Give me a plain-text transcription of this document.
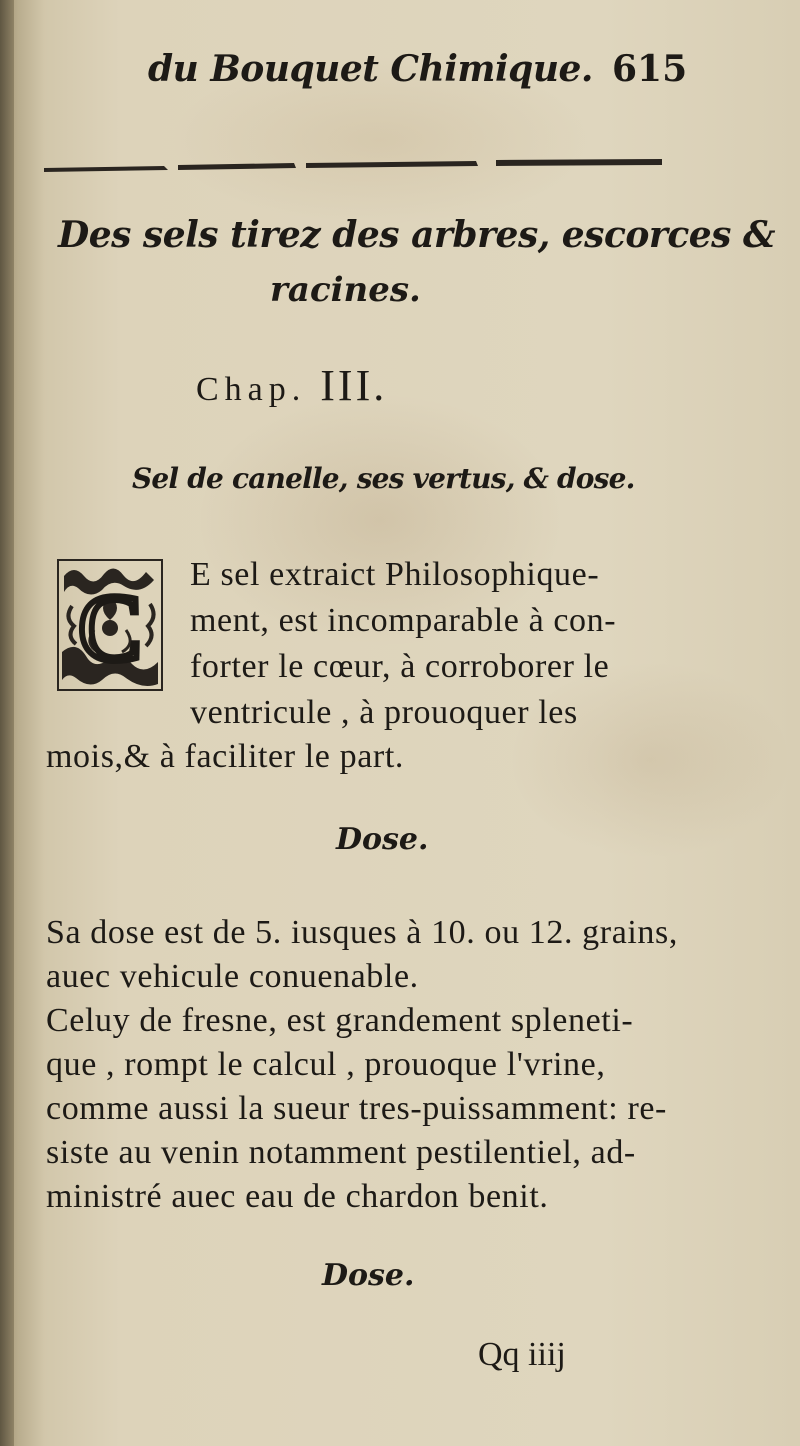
du Bouquet Chimique. 615

Des sels tirez des arbres, escorces &

racines.

Chap. III.

Sel de canelle, ses vertus, & dose.

C E sel extraict Philosophique-

ment, est incomparable à con-

forter le cœur, à corroborer le

ventricule , à prouoquer les

mois,& à faciliter le part.

Dose.

Sa dose est de 5. iusques à 10. ou 12. grains,

auec vehicule conuenable.

Celuy de fresne, est grandement spleneti-

que , rompt le calcul , prouoque l'vrine,

comme aussi la sueur tres-puissamment: re-

siste au venin notamment pestilentiel, ad-

ministré auec eau de chardon benit.

Dose.

Qq iiij
